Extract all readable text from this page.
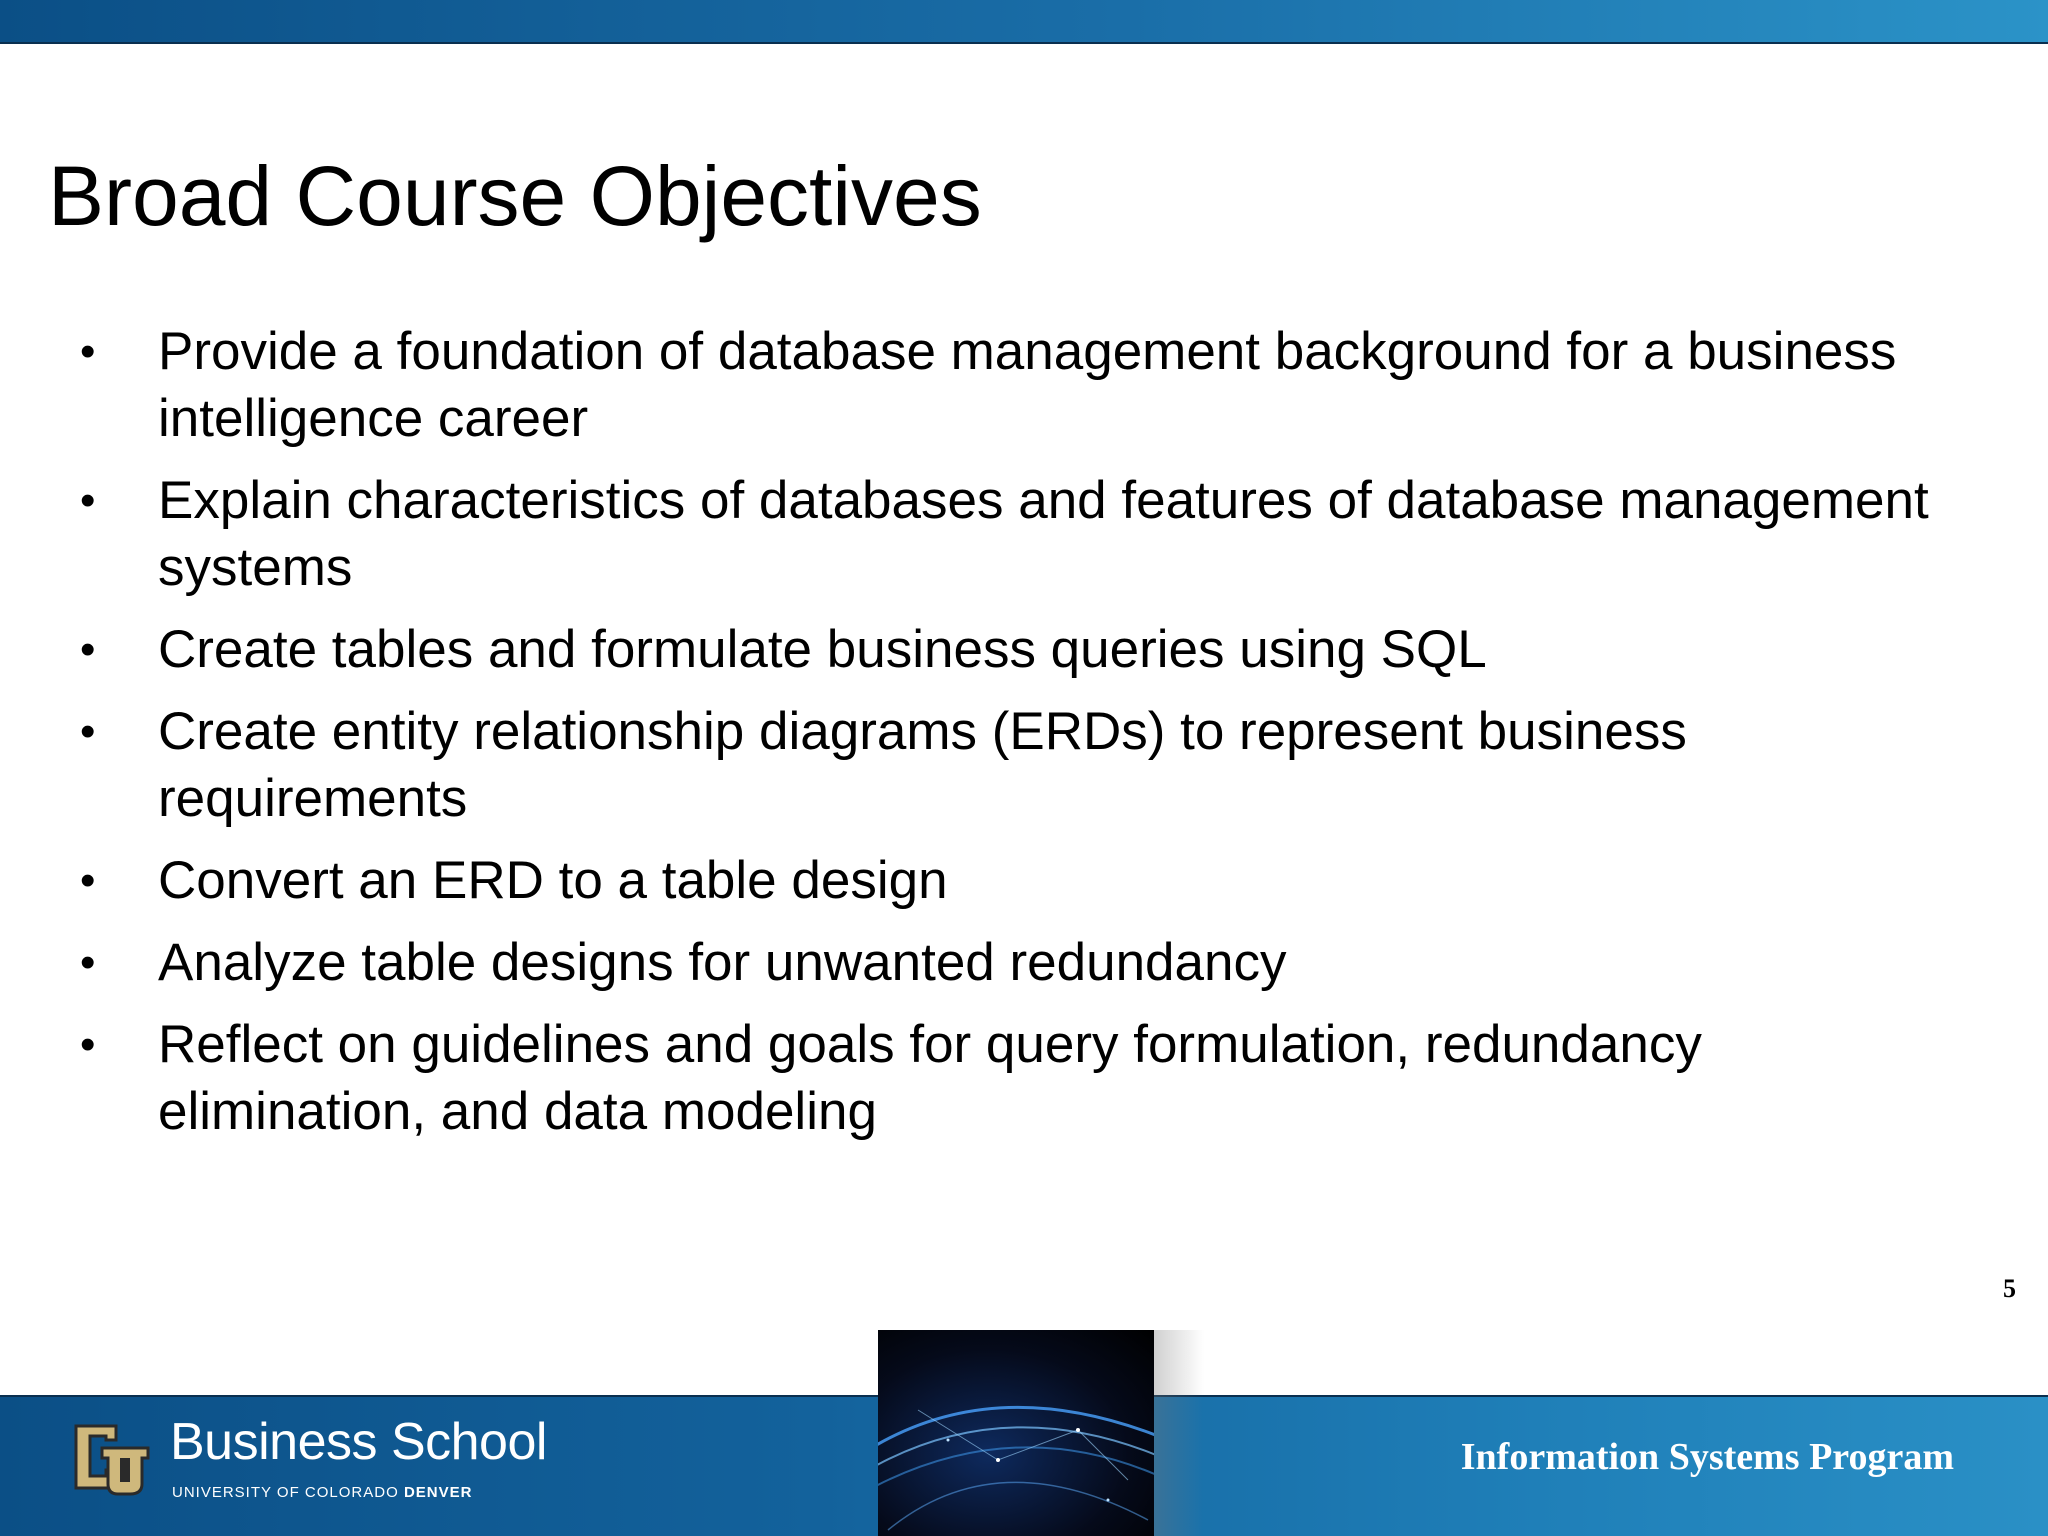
Broad Course Objectives
• Provide a foundation of database management background for a business intelligence career
• Explain characteristics of databases and features of database management systems
• Create tables and formulate business queries using SQL
• Create entity relationship diagrams (ERDs) to represent business requirements
• Convert an ERD to a table design
• Analyze table designs for unwanted redundancy
• Reflect on guidelines and goals for query formulation, redundancy elimination, and data modeling
5
Business School
UNIVERSITY OF COLORADO DENVER
Information Systems Program
